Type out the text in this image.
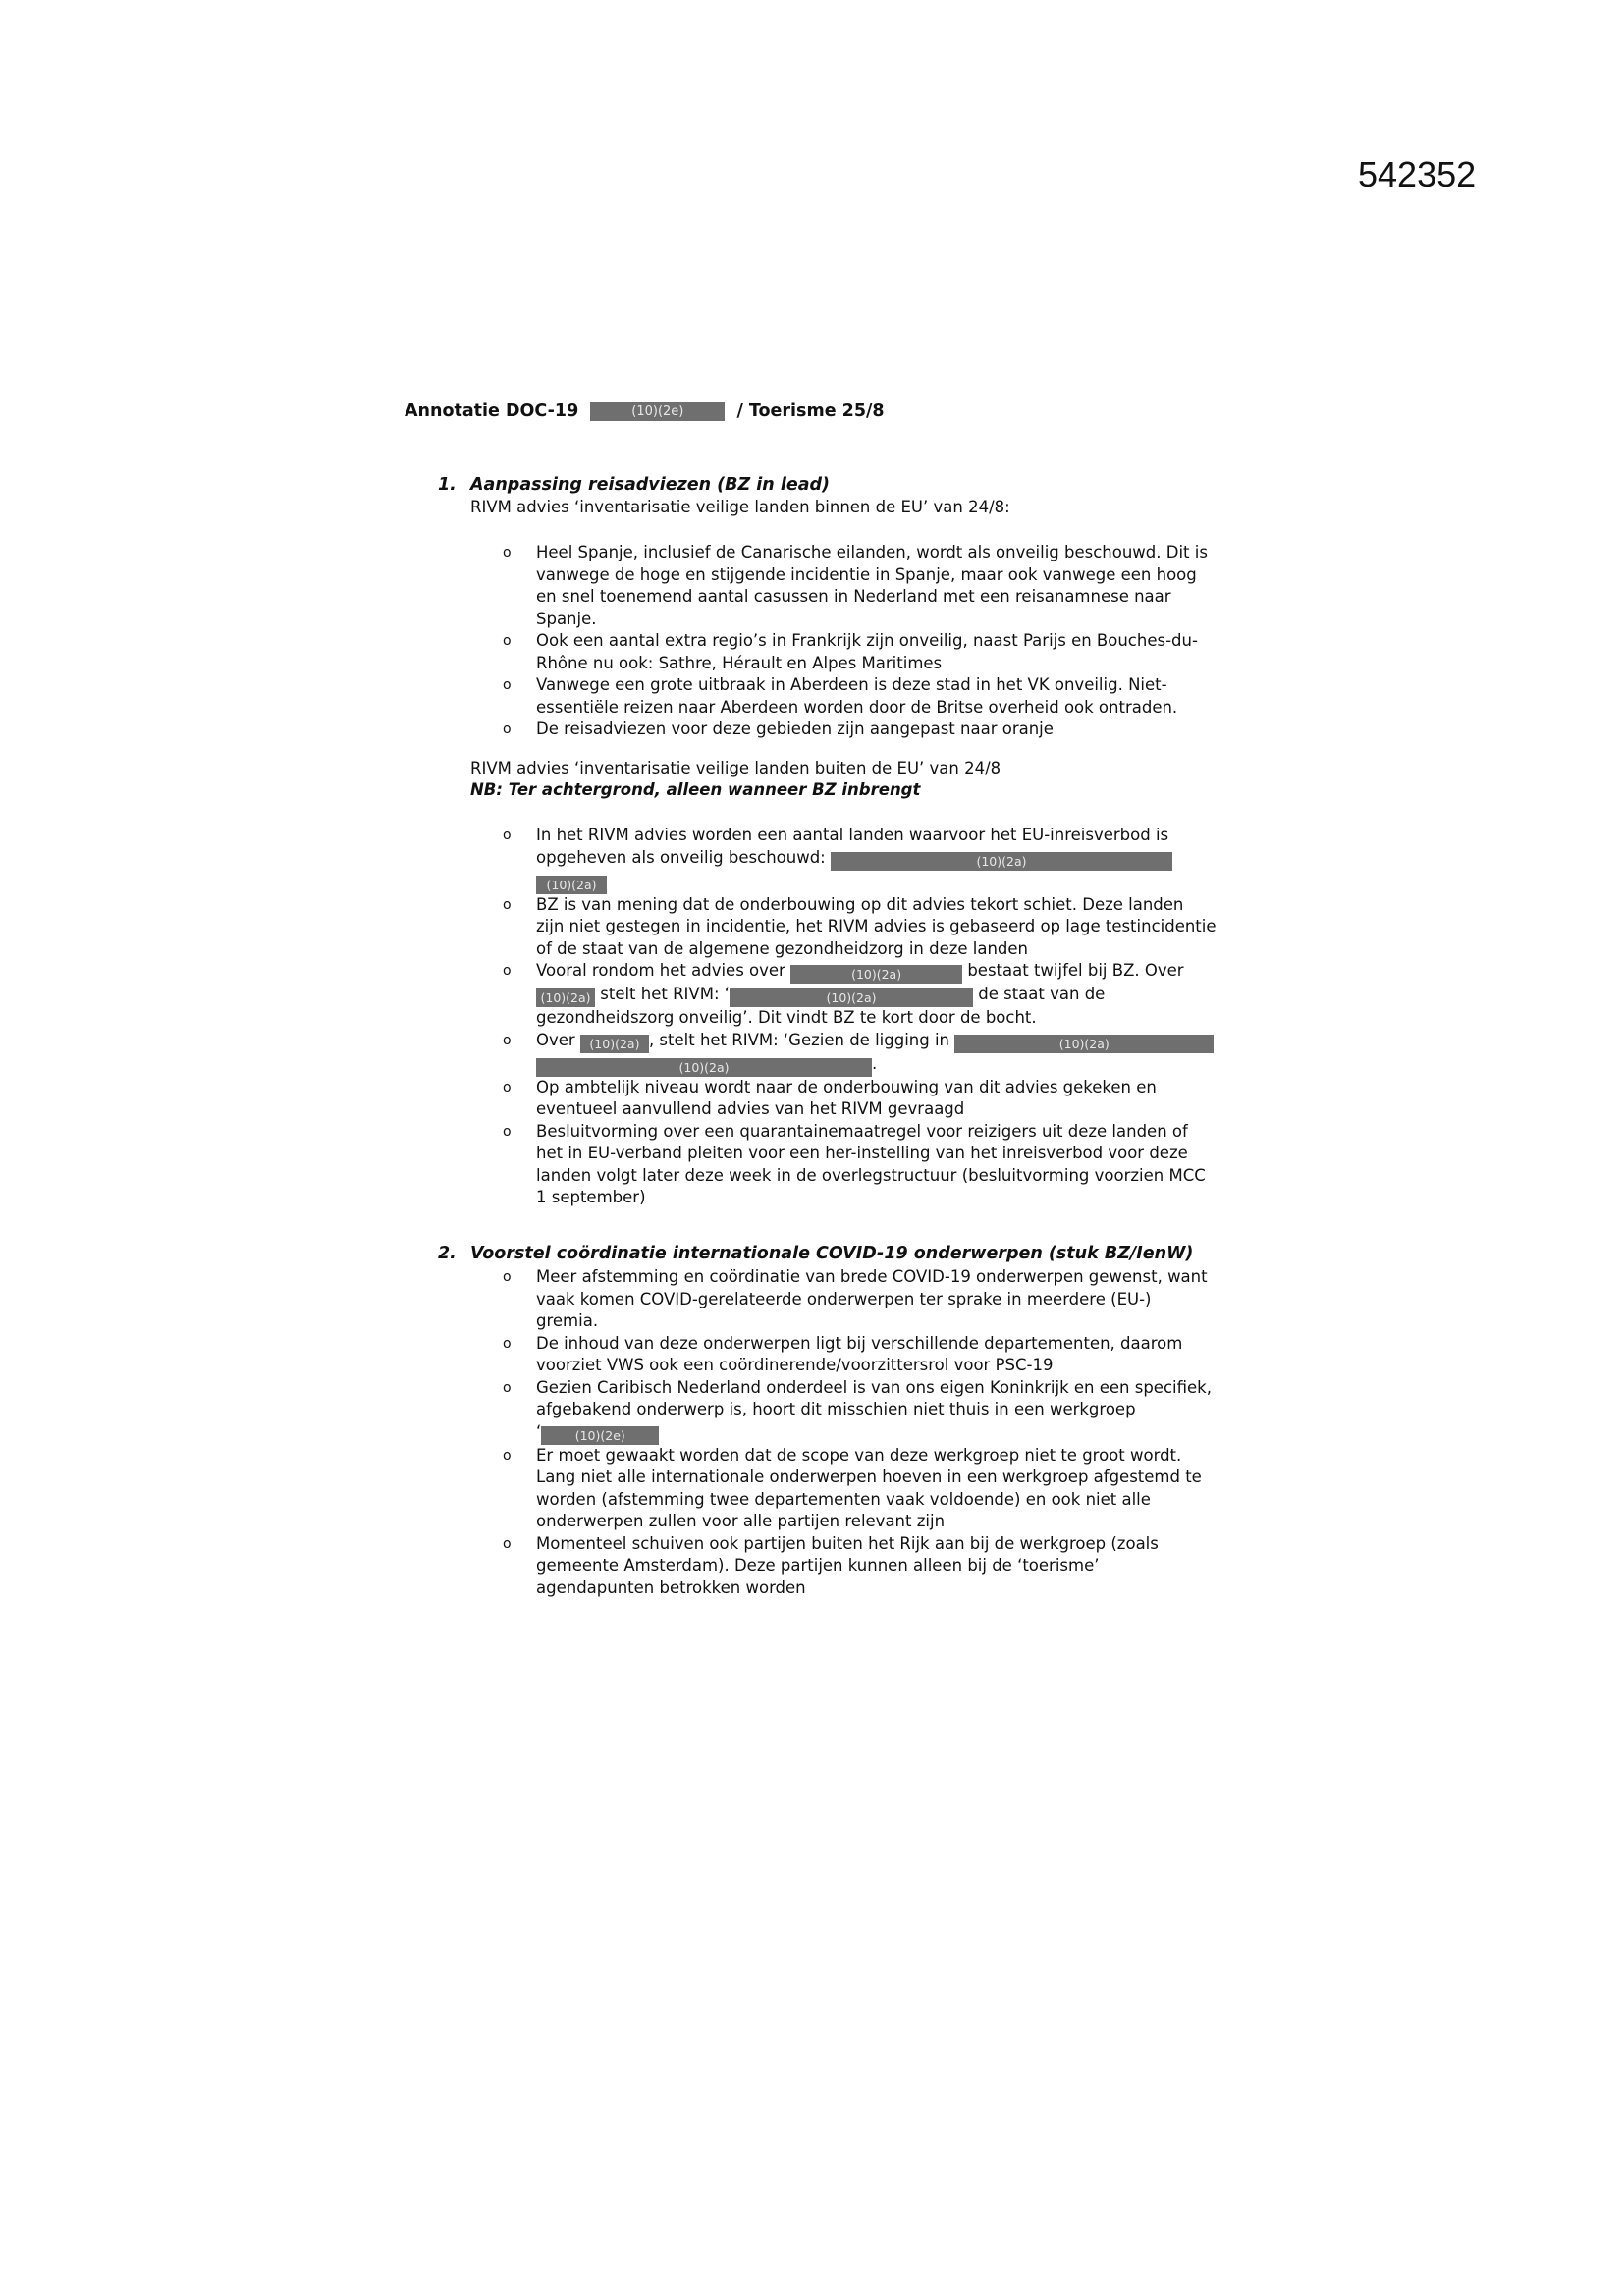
542352
Annotatie DOC-19	(10)(2e)	/ Toerisme 25/8
1. Aanpassing reisadviezen (BZ in lead)
RIVM advies ‘inventarisatie veilige landen binnen de EU’ van 24/8:
o Heel Spanje, inclusief de Canarische eilanden, wordt als onveilig beschouwd. Dit is
vanwege de hoge en stijgende incidentie in Spanje, maar ook vanwege een hoog
en snel toenemend aantal casussen in Nederland met een reisanamnese naar
Spanje.
o Ook een aantal extra regio’s in Frankrijk zijn onveilig, naast Parijs en Bouches-du-
Rhône nu ook: Sathre, Hérault en Alpes Maritimes
o Vanwege een grote uitbraak in Aberdeen is deze stad in het VK onveilig. Niet-
essentiële reizen naar Aberdeen worden door de Britse overheid ook ontraden.
o De reisadviezen voor deze gebieden zijn aangepast naar oranje
RIVM advies ‘inventarisatie veilige landen buiten de EU’ van 24/8
NB: Ter achtergrond, alleen wanneer BZ inbrengt
o In het RIVM advies worden een aantal landen waarvoor het EU-inreisverbod is
opgeheven als onveilig beschouwd:	(10)(2a)
(10)(2a)
o BZ is van mening dat de onderbouwing op dit advies tekort schiet. Deze landen
zijn niet gestegen in incidentie, het RIVM advies is gebaseerd op lage testincidentie
of de staat van de algemene gezondheidzorg in deze landen
o Vooral rondom het advies over	(10)(2a)	bestaat twijfel bij BZ. Over
(10)(2a) stelt het RIVM: ‘	(10)(2a)	de staat van de
gezondheidszorg onveilig’. Dit vindt BZ te kort door de bocht.
o Over (10)(2a) , stelt het RIVM: ‘Gezien de ligging in	(10)(2a)
(10)(2a)	.
o Op ambtelijk niveau wordt naar de onderbouwing van dit advies gekeken en
eventueel aanvullend advies van het RIVM gevraagd
o Besluitvorming over een quarantainemaatregel voor reizigers uit deze landen of
het in EU-verband pleiten voor een her-instelling van het inreisverbod voor deze
landen volgt later deze week in de overlegstructuur (besluitvorming voorzien MCC
1 september)
2. Voorstel coördinatie internationale COVID-19 onderwerpen (stuk BZ/IenW)
o Meer afstemming en coördinatie van brede COVID-19 onderwerpen gewenst, want
vaak komen COVID-gerelateerde onderwerpen ter sprake in meerdere (EU-)
gremia.
o De inhoud van deze onderwerpen ligt bij verschillende departementen, daarom
voorziet VWS ook een coördinerende/voorzittersrol voor PSC-19
o Gezien Caribisch Nederland onderdeel is van ons eigen Koninkrijk en een specifiek,
afgebakend onderwerp is, hoort dit misschien niet thuis in een werkgroep
‘	(10)(2e)
o Er moet gewaakt worden dat de scope van deze werkgroep niet te groot wordt.
Lang niet alle internationale onderwerpen hoeven in een werkgroep afgestemd te
worden (afstemming twee departementen vaak voldoende) en ook niet alle
onderwerpen zullen voor alle partijen relevant zijn
o Momenteel schuiven ook partijen buiten het Rijk aan bij de werkgroep (zoals
gemeente Amsterdam). Deze partijen kunnen alleen bij de ‘toerisme’
agendapunten betrokken worden
